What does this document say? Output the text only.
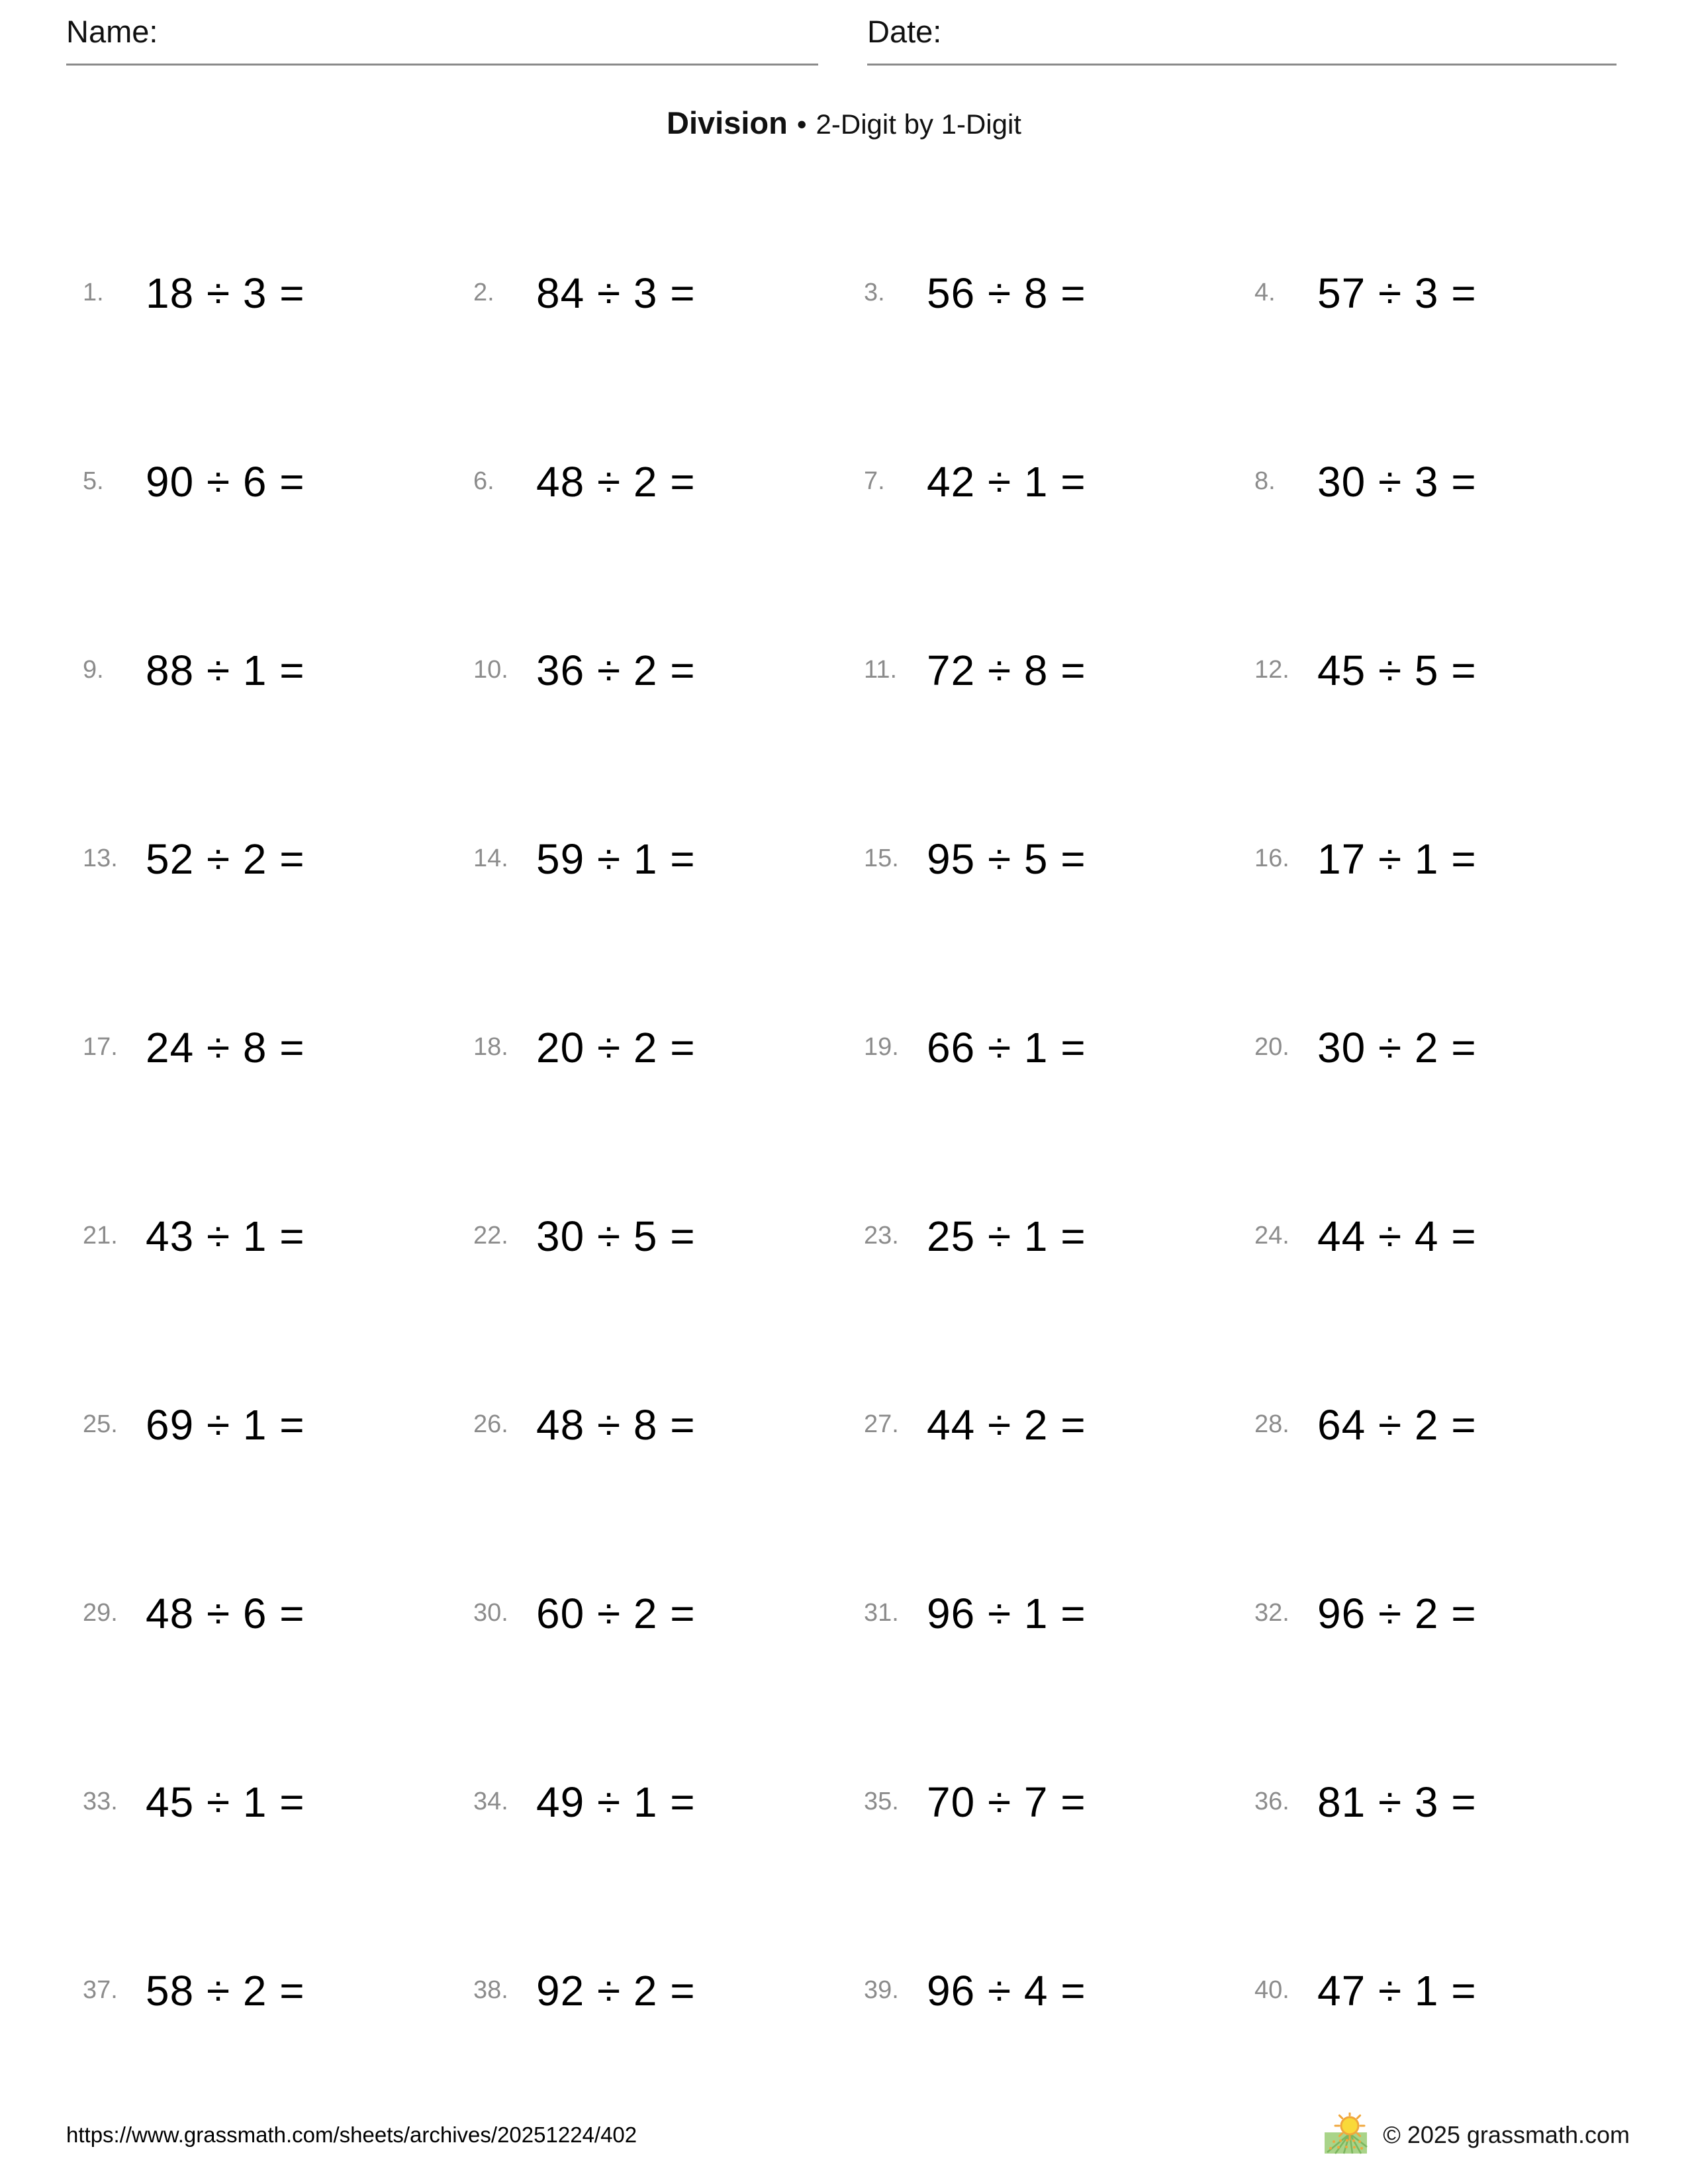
Name:	Date:
Division • 2-Digit by 1-Digit
1. 18 ÷ 3 =	2. 84 ÷ 3 =	3. 56 ÷ 8 =	4. 57 ÷ 3 =
5. 90 ÷ 6 =	6. 48 ÷ 2 =	7. 42 ÷ 1 =	8. 30 ÷ 3 =
9. 88 ÷ 1 =	10. 36 ÷ 2 =	11. 72 ÷ 8 =	12. 45 ÷ 5 =
13. 52 ÷ 2 =	14. 59 ÷ 1 =	15. 95 ÷ 5 =	16. 17 ÷ 1 =
17. 24 ÷ 8 =	18. 20 ÷ 2 =	19. 66 ÷ 1 =	20. 30 ÷ 2 =
21. 43 ÷ 1 =	22. 30 ÷ 5 =	23. 25 ÷ 1 =	24. 44 ÷ 4 =
25. 69 ÷ 1 =	26. 48 ÷ 8 =	27. 44 ÷ 2 =	28. 64 ÷ 2 =
29. 48 ÷ 6 =	30. 60 ÷ 2 =	31. 96 ÷ 1 =	32. 96 ÷ 2 =
33. 45 ÷ 1 =	34. 49 ÷ 1 =	35. 70 ÷ 7 =	36. 81 ÷ 3 =
37. 58 ÷ 2 =	38. 92 ÷ 2 =	39. 96 ÷ 4 =	40. 47 ÷ 1 =
https://www.grassmath.com/sheets/archives/20251224/402	© 2025 grassmath.com
